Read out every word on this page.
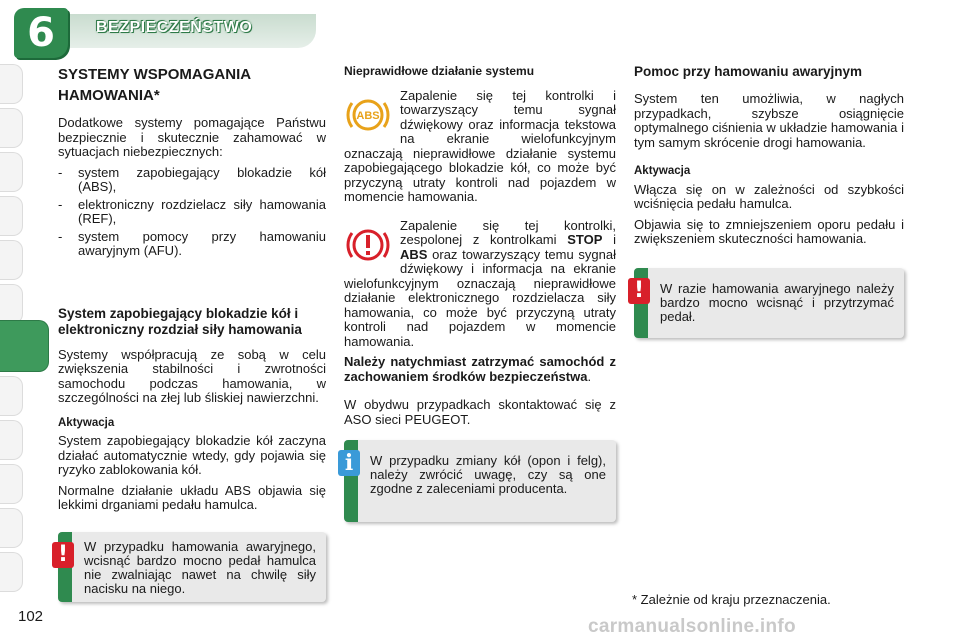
6	BEZPIECZEŃSTWO
SYSTEMY WSPOMAGANIA
HAMOWANIA*

Dodatkowe systemy pomagające Państwu bezpiecznie i skutecznie zahamować w sytuacjach niebezpiecznych:

- system zapobiegający blokadzie kół (ABS),
- elektroniczny rozdzielacz siły hamowania (REF),
- system pomocy przy hamowaniu awaryjnym (AFU).
System zapobiegający blokadzie kół i elektroniczny rozdział siły hamowania

Systemy współpracują ze sobą w celu zwiększenia stabilności i zwrotności samochodu podczas hamowania, w szczególności na złej lub śliskiej nawierzchni.

Aktywacja

System zapobiegający blokadzie kół zaczyna działać automatycznie wtedy, gdy pojawia się ryzyko zablokowania kół.

Normalne działanie układu ABS objawia się lekkimi drganiami pedału hamulca.

!	W przypadku hamowania awaryjnego, wcisnąć bardzo mocno pedał hamulca nie zwalniając nawet na chwilę siły nacisku na niego.
Nieprawidłowe działanie systemu
ABS

Zapalenie się tej kontrolki i towarzyszący temu sygnał dźwiękowy oraz informacja tekstowa na ekranie wielofunkcyjnym oznaczają nieprawidłowe działanie systemu zapobiegającego blokadzie kół, co może być przyczyną utraty kontroli nad pojazdem w momencie hamowania.

Zapalenie się tej kontrolki, zespolonej z kontrolkami STOP i ABS oraz towarzyszący temu sygnał dźwiękowy i informacja na ekranie wielofunkcyjnym oznaczają nieprawidłowe działanie elektronicznego rozdzielacza siły hamowania, co może być przyczyną utraty kontroli nad pojazdem w momencie hamowania.

Należy natychmiast zatrzymać samochód z zachowaniem środków bezpieczeństwa.

W obydwu przypadkach skontaktować się z ASO sieci PEUGEOT.

i	W przypadku zmiany kół (opon i felg), należy zwrócić uwagę, czy są one zgodne z zaleceniami producenta.
Pomoc przy hamowaniu awaryjnym

System ten umożliwia, w nagłych przypadkach, szybsze osiągnięcie optymalnego ciśnienia w układzie hamowania i tym samym skrócenie drogi hamowania.

Aktywacja

Włącza się on w zależności od szybkości wciśnięcia pedału hamulca.

Objawia się to zmniejszeniem oporu pedału i zwiększeniem skuteczności hamowania.

!	W razie hamowania awaryjnego należy bardzo mocno wcisnąć i przytrzymać pedał.
102
* Zależnie od kraju przeznaczenia.
carmanualsonline.info
